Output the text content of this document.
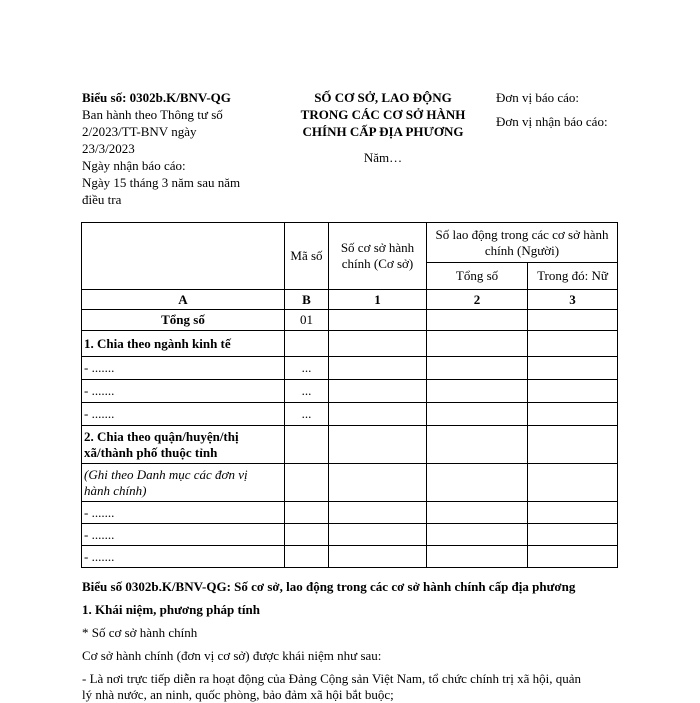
Biểu số: 0302b.K/BNV-QG
Ban hành theo Thông tư số
2/2023/TT-BNV ngày
23/3/2023
Ngày nhận báo cáo:
Ngày 15 tháng 3 năm sau năm
điều tra
SỐ CƠ SỞ, LAO ĐỘNG
TRONG CÁC CƠ SỞ HÀNH
CHÍNH CẤP ĐỊA PHƯƠNG
Năm…
Đơn vị báo cáo:
Đơn vị nhận báo cáo:
	Mã số	Số cơ sở hành chính (Cơ sở)	Số lao động trong các cơ sở hành chính (Người)	
			Tổng số	Trong đó: Nữ
A	B	1	2	3
Tổng số	01			
1. Chia theo ngành kinh tế				
- .......	...			
- .......	...			
- .......	...			

2. Chia theo quận/huyện/thị
xã/thành phố thuộc tỉnh				

(Ghi theo Danh mục các đơn vị
hành chính)				

- .......				
- .......				
- .......				

Biểu số 0302b.K/BNV-QG: Số cơ sở, lao động trong các cơ sở hành chính cấp địa phương

1. Khái niệm, phương pháp tính

* Số cơ sở hành chính

Cơ sở hành chính (đơn vị cơ sở) được khái niệm như sau:

- Là nơi trực tiếp diễn ra hoạt động của Đảng Cộng sản Việt Nam, tổ chức chính trị xã hội, quản

lý nhà nước, an ninh, quốc phòng, bảo đảm xã hội bắt buộc;
